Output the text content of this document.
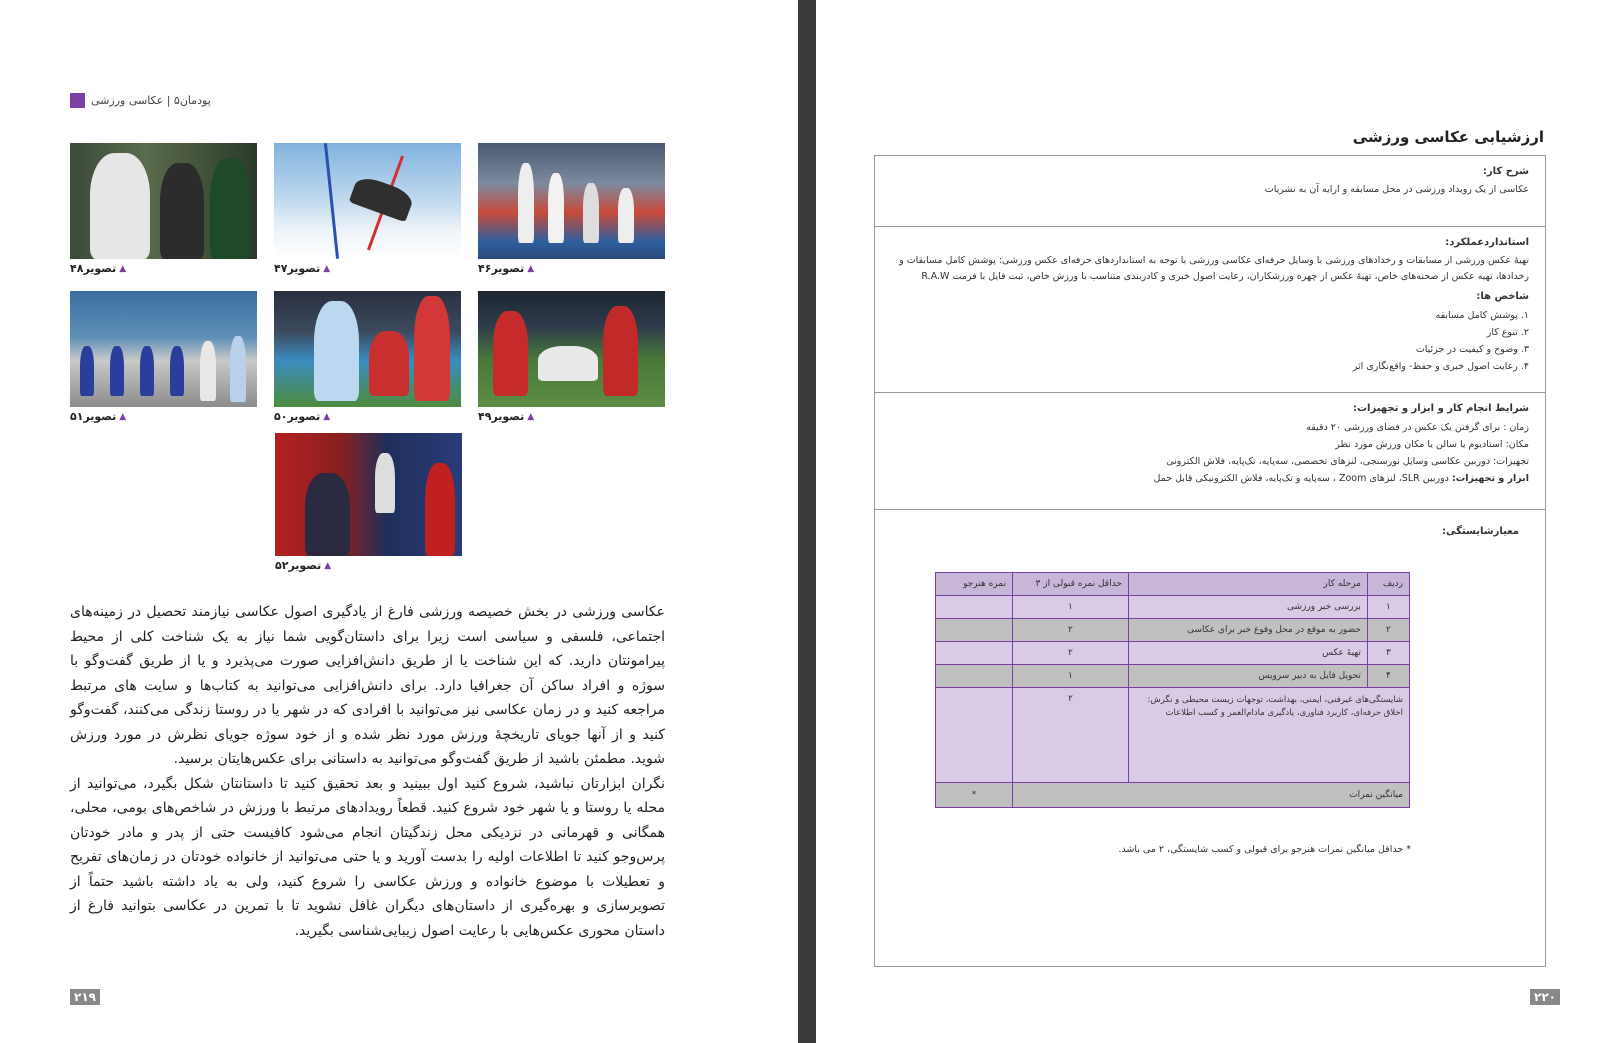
پودمان۵ | عکاسی ورزشی
▲
تصویر۴۶
▲
تصویر۴۷
▲
تصویر۴۸
▲
تصویر۴۹
▲
تصویر۵۰
▲
تصویر۵۱
▲
تصویر۵۲

عکاسی ورزشی در بخش خصیصه ورزشی فارغ از یادگیری اصول عکاسی نیازمند تحصیل در زمینه‌های اجتماعی، فلسفی و سیاسی است زیرا برای داستان‌گویی شما نیاز به یک شناخت کلی از محیط پیرامونتان دارید. که این شناخت یا از طریق دانش‌افزایی صورت می‌پذیرد و یا از طریق گفت‌وگو با سوژه و افراد ساکن آن جغرافیا دارد. برای دانش‌افزایی می‌توانید به کتاب‌ها و سایت های مرتبط مراجعه کنید و در زمان عکاسی نیز می‌توانید با افرادی که در شهر یا در روستا زندگی می‌کنند، گفت‌وگو کنید و از آنها جویای تاریخچهٔ ورزش مورد نظر شده و از خود سوژه جویای نظرش در مورد ورزش شوید. مطمئن باشید از طریق گفت‌وگو می‌توانید به داستانی برای عکس‌هایتان برسید.

نگران ابزارتان نباشید، شروع کنید اول ببینید و بعد تحقیق کنید تا داستانتان شکل بگیرد، می‌توانید از محله یا روستا و یا شهر خود شروع کنید. قطعاً رویدادهای مرتبط با ورزش در شاخص‌های بومی، محلی، همگانی و قهرمانی در نزدیکی محل زندگیتان انجام می‌شود کافیست حتی از پدر و مادر خودتان پرس‌وجو کنید تا اطلاعات اولیه را بدست آورید و یا حتی می‌توانید از خانواده خودتان در زمان‌های تفریح و تعطیلات با موضوع خانواده و ورزش عکاسی را شروع کنید، ولی به یاد داشته باشید حتماً از تصویرسازی و بهره‌گیری از داستان‌های دیگران غافل نشوید تا با تمرین در عکاسی بتوانید فارغ از داستان محوری عکس‌هایی با رعایت اصول زیبایی‌شناسی بگیرید.

۲۱۹
ارزشیابی عکاسی ورزشی
شرح کار:

عکاسی از یک رویداد ورزشی در محل مسابقه و ارایه آن به نشریات

استانداردعملکرد:

تهیهٔ عکس ورزشی از مسابقات و رخدادهای ورزشی با وسایل حرفه‌ای عکاسی ورزشی با توجه به استانداردهای حرفه‌ای عکس ورزشی: پوشش کامل مسابقات و رخدادها، تهیه عکس از صحنه‌های خاص، تهیهٔ عکس از چهره ورزشکاران، رعایت اصول خبری و کادربندی متناسب با ورزش خاص، ثبت فایل با فرمت R.A.W

شاخص ها:

۱. پوشش کامل مسابقه

۲. تنوع کار

۳. وضوح و کیفیت در جزئیات

۴. رعایت اصول خبری و حفظ- واقع‌نگاری اثر

شرایط انجام کار و ابزار و تجهیزات:

زمان : برای گرفتن یک عکس در فضای ورزشی ۲۰ دقیقه

مکان: استادیوم یا سالن یا مکان ورزش مورد نظر

تجهیزات: دوربین عکاسی وسایل نورسنجی، لنزهای تخصصی، سه‌پایه، تک‌پایه، فلاش الکترونی

ابزار و تجهیزات: دوربین SLR، لنزهای Zoom ، سه‌پایه و تک‌پایه، فلاش الکترونیکی قابل حمل

معیارشایستگی:
ردیف	مرحله کار	حداقل نمره قبولی از ۳	نمره هنرجو
۱	بررسی خبر ورزشی	۱	
۲	حضور به موقع در محل وقوع خبر برای عکاسی	۲	
۳	تهیهٔ عکس	۲	
۴	تحویل فایل به دبیر سرویس	۱	
شایستگی‌های غیرفنی، ایمنی، بهداشت، توجهات زیست محیطی و نگرش: اخلاق حرفه‌ای، کاربرد فناوری، یادگیری مادام‌العمر و کسب اطلاعات		۲	
میانگین نمرات			*
* حداقل میانگین نمرات هنرجو برای قبولی و کسب شایستگی، ۲ می باشد.
۲۲۰
